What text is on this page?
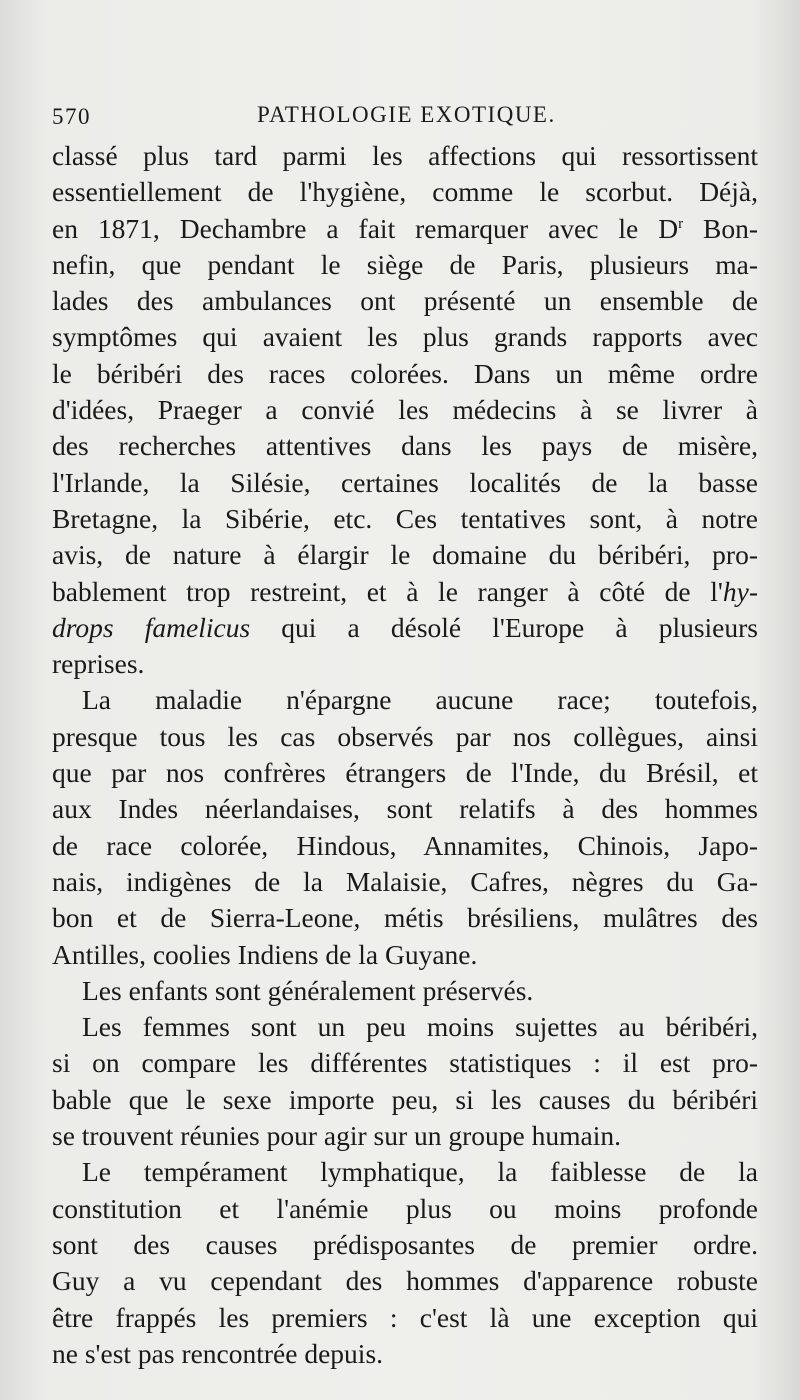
570	PATHOLOGIE EXOTIQUE.
classé plus tard parmi les affections qui ressortissent
essentiellement de l'hygiène, comme le scorbut. Déjà,
en 1871, Dechambre a fait remarquer avec le $D^r$ Bon-
nefin, que pendant le siège de Paris, plusieurs ma-
lades des ambulances ont présenté un ensemble de
symptômes qui avaient les plus grands rapports avec
le béribéri des races colorées. Dans un même ordre
d'idées, Praeger a convié les médecins à se livrer à
des recherches attentives dans les pays de misère,
l'Irlande, la Silésie, certaines localités de la basse
Bretagne, la Sibérie, etc. Ces tentatives sont, à notre
avis, de nature à élargir le domaine du béribéri, pro-
bablement trop restreint, et à le ranger à côté de l'hy-
drops famelicus qui a désolé l'Europe à plusieurs
reprises.
La maladie n'épargne aucune race; toutefois,
presque tous les cas observés par nos collègues, ainsi
que par nos confrères étrangers de l'Inde, du Brésil, et
aux Indes néerlandaises, sont relatifs à des hommes
de race colorée, Hindous, Annamites, Chinois, Japo-
nais, indigènes de la Malaisie, Cafres, nègres du Ga-
bon et de Sierra-Leone, métis brésiliens, mulâtres des
Antilles, coolies Indiens de la Guyane.
Les enfants sont généralement préservés.
Les femmes sont un peu moins sujettes au béribéri,
si on compare les différentes statistiques : il est pro-
bable que le sexe importe peu, si les causes du béribéri
se trouvent réunies pour agir sur un groupe humain.
Le tempérament lymphatique, la faiblesse de la
constitution et l'anémie plus ou moins profonde
sont des causes prédisposantes de premier ordre.
Guy a vu cependant des hommes d'apparence robuste
être frappés les premiers : c'est là une exception qui
ne s'est pas rencontrée depuis.
